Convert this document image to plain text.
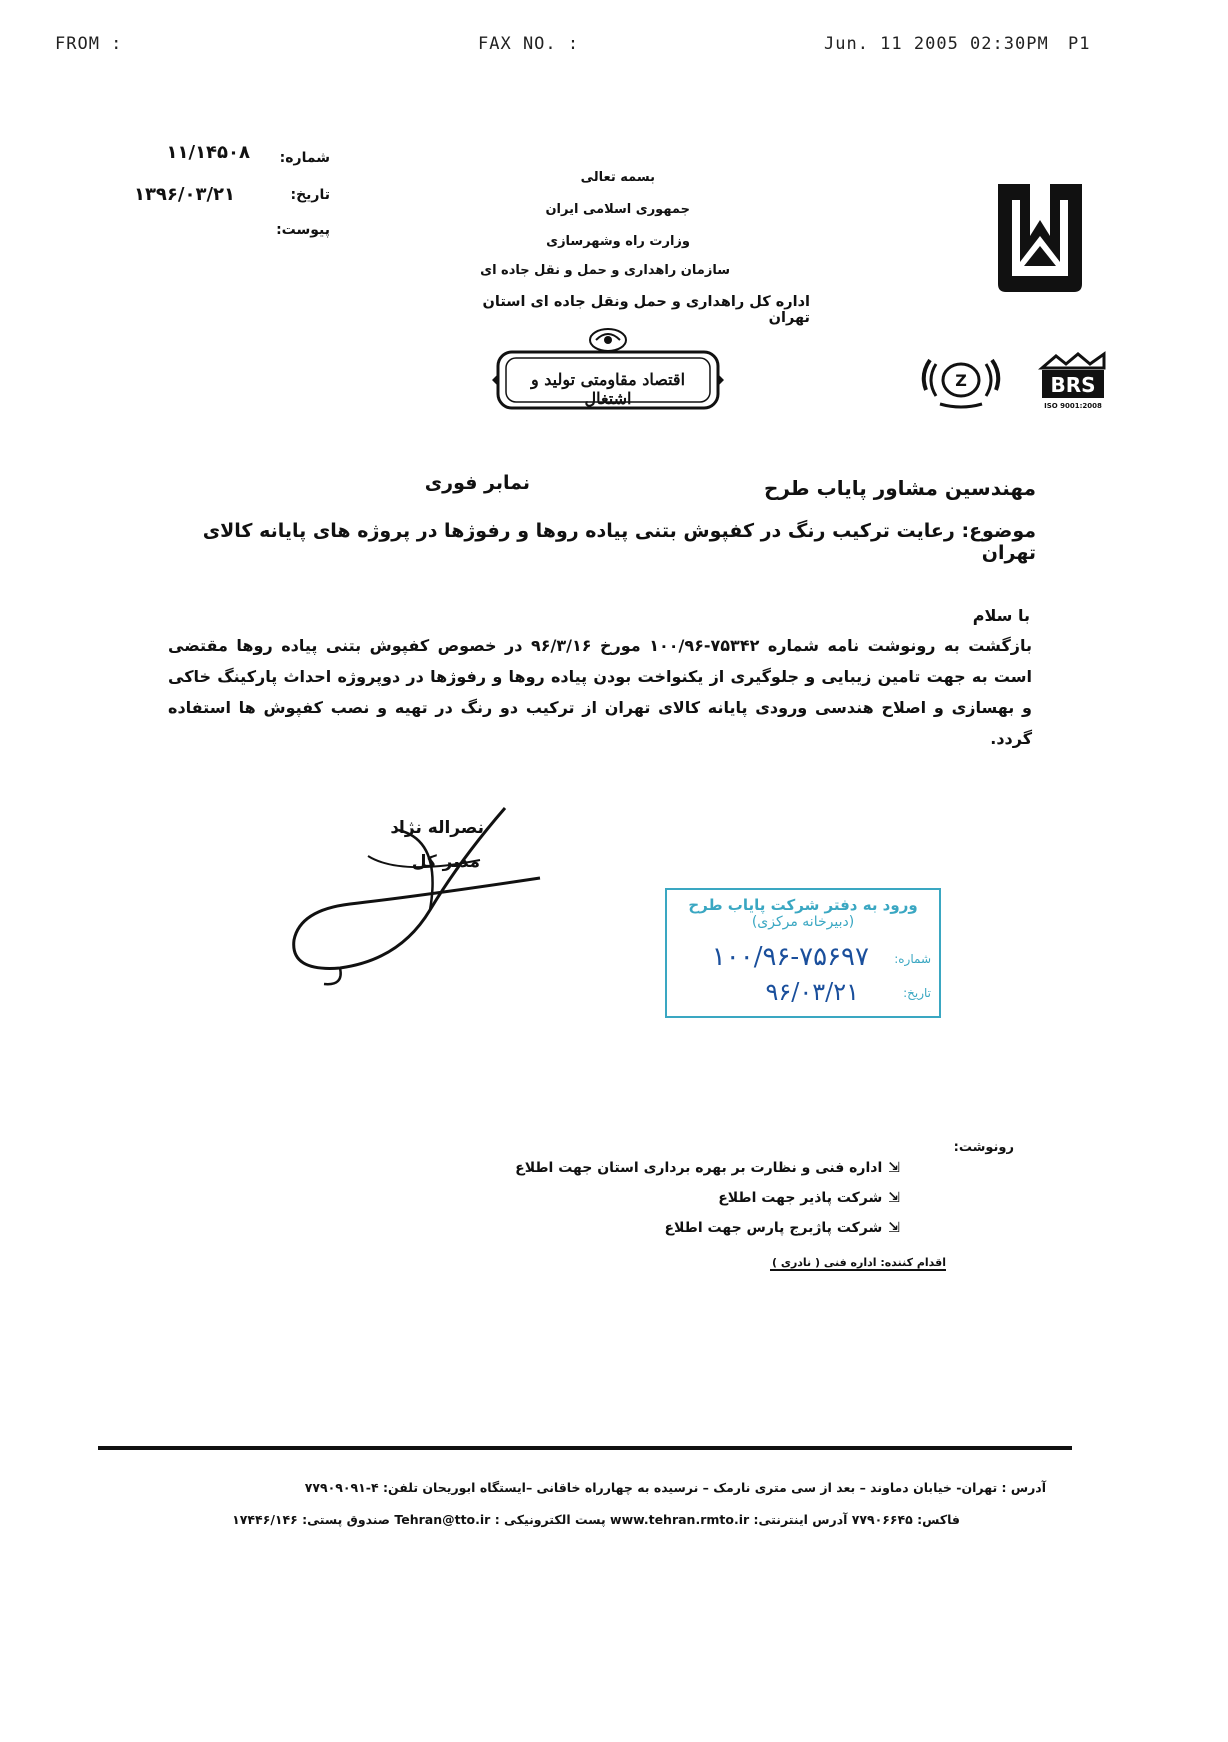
FROM :	FAX NO. :	Jun. 11 2005 02:30PM P1
شماره:
۱۱/۱۴۵۰۸
تاریخ:
۱۳۹۶/۰۳/۲۱
پیوست:
بسمه تعالی
جمهوری اسلامی ایران
وزارت راه وشهرسازی
سازمان راهداری و حمل و نقل جاده ای
اداره کل راهداری و حمل ونقل جاده ای استان تهران
اقتصاد مقاومتی تولید و اشتغال
Z	BRS
ISO 9001:2008
مهندسین مشاور پایاب طرح
نمابر فوری
موضوع: رعایت ترکیب رنگ در کفپوش بتنی پیاده روها و رفوژها در پروژه های پایانه کالای تهران
با سلام
بازگشت به رونوشت نامه شماره ۷۵۳۴۲-۱۰۰/۹۶ مورخ ۹۶/۳/۱۶ در خصوص کفپوش بتنی پیاده روها مقتضی است به جهت تامین زیبایی و جلوگیری از یکنواخت بودن پیاده روها و رفوژها در دوپروژه احداث پارکینگ خاکی و بهسازی و اصلاح هندسی ورودی پایانه کالای تهران از ترکیب دو رنگ در تهیه و نصب کفپوش ها استفاده گردد.
نصراله نژاد
مدیر کل
ورود به دفتر شرکت پایاب طرح
(دبیرخانه مرکزی)
شماره:
۱۰۰/۹۶-۷۵۶۹۷
تاریخ:
۹۶/۰۳/۲۱
رونوشت:
⇲اداره فنی و نظارت بر بهره برداری استان جهت اطلاع
⇲شرکت پاذیر جهت اطلاع
⇲شرکت پاژبرج پارس جهت اطلاع
اقدام کننده: اداره فنی ( نادری )
آدرس : تهران- خیابان دماوند – بعد از سی متری نارمک – نرسیده به چهارراه خاقانی –ایستگاه ابوریحان تلفن: ۴-۷۷۹۰۹۰۹۱
فاکس: ۷۷۹۰۶۶۴۵ آدرس اینترنتی: www.tehran.rmto.ir پست الکترونیکی : Tehran@tto.ir صندوق پستی: ۱۷۴۴۶/۱۴۶
